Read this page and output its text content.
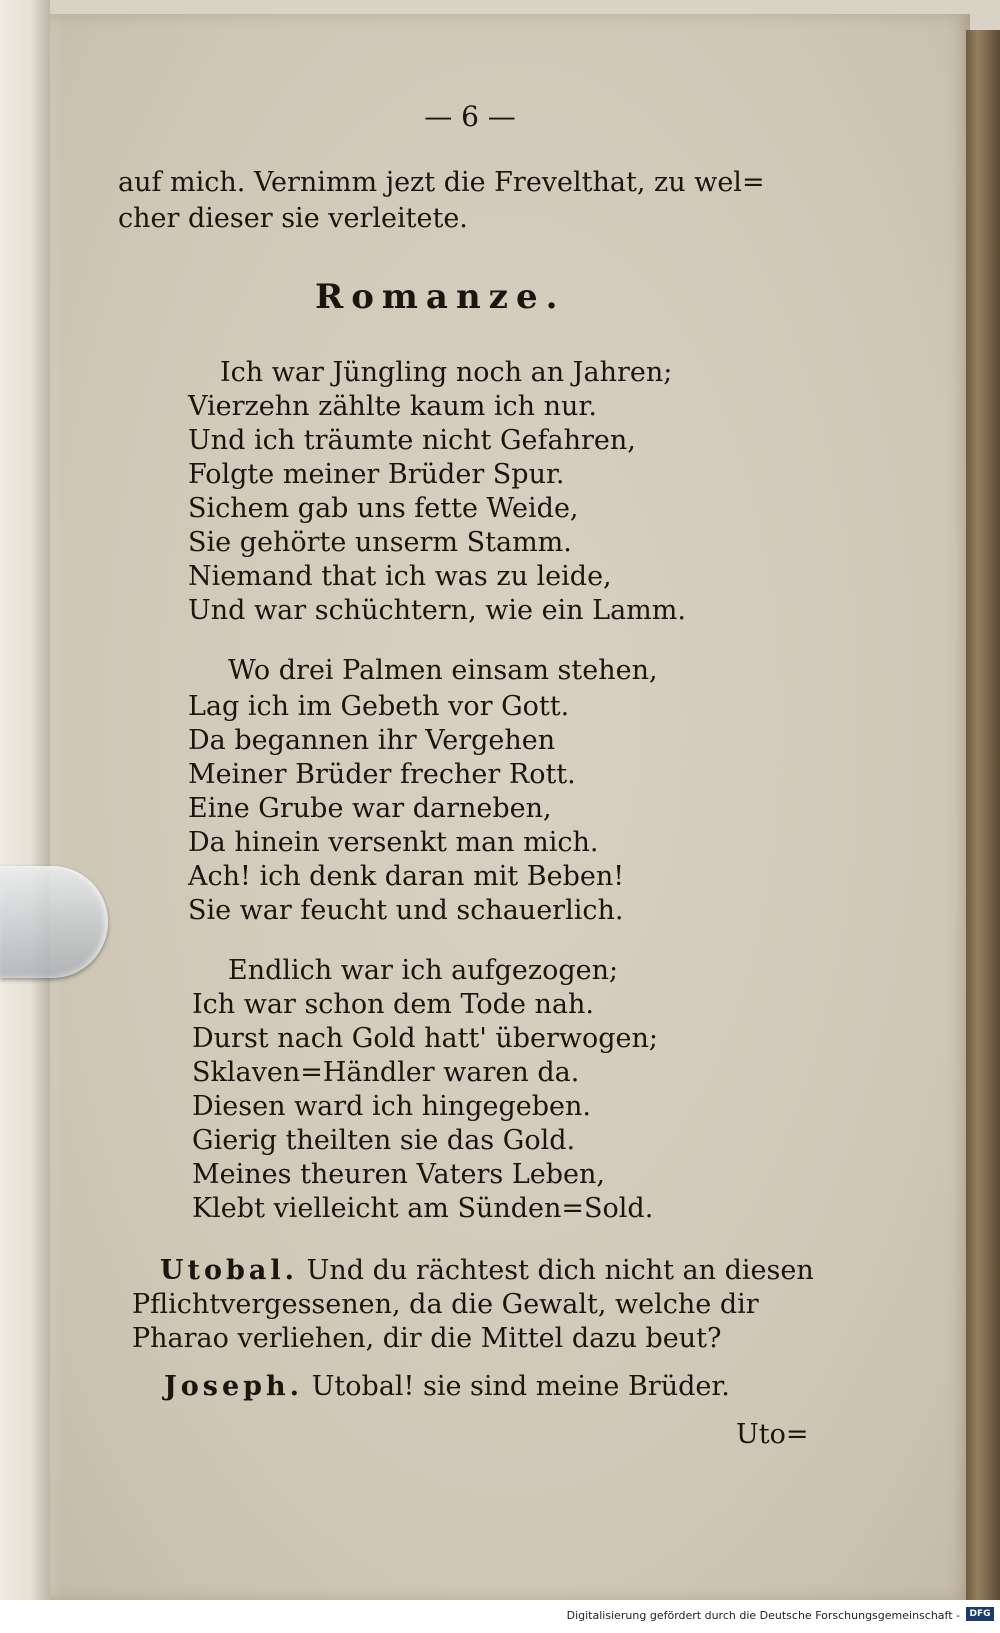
— 6 —
auf mich. Vernimm jezt die Frevelthat, zu wel=
cher dieser sie verleitete.
Romanze.
Ich war Jüngling noch an Jahren;
Vierzehn zählte kaum ich nur.
Und ich träumte nicht Gefahren,
Folgte meiner Brüder Spur.
Sichem gab uns fette Weide,
Sie gehörte unserm Stamm.
Niemand that ich was zu leide,
Und war schüchtern, wie ein Lamm.
Wo drei Palmen einsam stehen,
Lag ich im Gebeth vor Gott.
Da begannen ihr Vergehen
Meiner Brüder frecher Rott.
Eine Grube war darneben,
Da hinein versenkt man mich.
Ach! ich denk daran mit Beben!
Sie war feucht und schauerlich.
Endlich war ich aufgezogen;
Ich war schon dem Tode nah.
Durst nach Gold hatt' überwogen;
Sklaven=Händler waren da.
Diesen ward ich hingegeben.
Gierig theilten sie das Gold.
Meines theuren Vaters Leben,
Klebt vielleicht am Sünden=Sold.
Utobal. Und du rächtest dich nicht an diesen
Pflichtvergessenen, da die Gewalt, welche dir
Pharao verliehen, dir die Mittel dazu beut?
Joseph. Utobal! sie sind meine Brüder.
Uto=
Digitalisierung gefördert durch die Deutsche Forschungsgemeinschaft -	DFG
